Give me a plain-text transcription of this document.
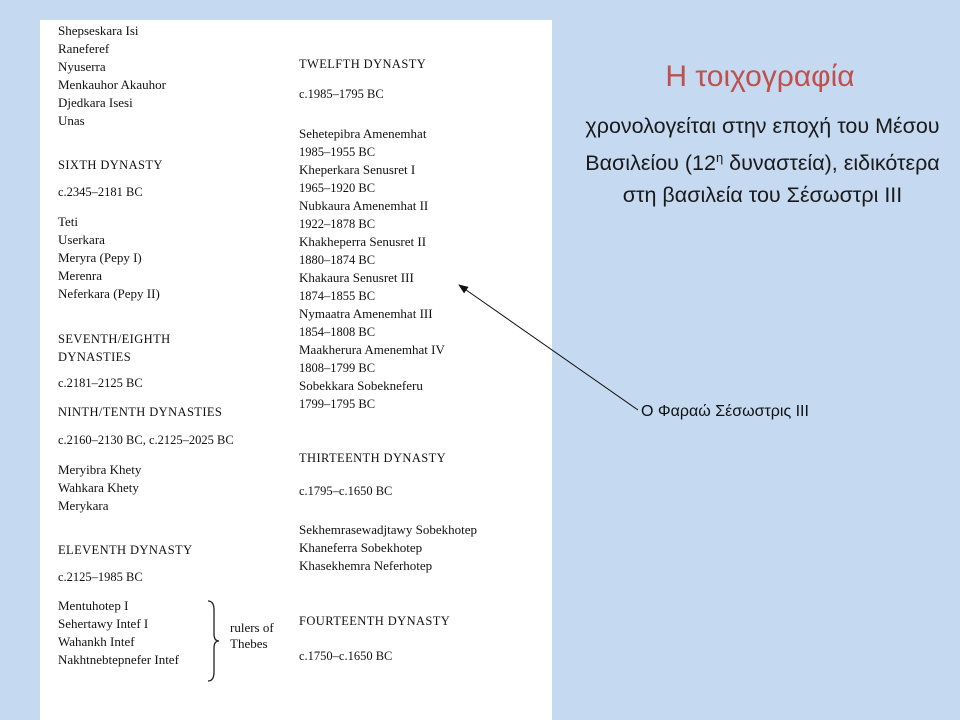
Shepseskara Isi
Raneferef
Nyuserra
Menkauhor Akauhor
Djedkara Isesi
Unas
SIXTH DYNASTY
c.2345–2181 BC
Teti
Userkara
Meryra (Pepy I)
Merenra
Neferkara (Pepy II)
SEVENTH/EIGHTH
DYNASTIES
c.2181–2125 BC
NINTH/TENTH DYNASTIES
c.2160–2130 BC, c.2125–2025 BC
Meryibra Khety
Wahkara Khety
Merykara
ELEVENTH DYNASTY
c.2125–1985 BC
Mentuhotep I
Sehertawy Intef I
Wahankh Intef
Nakhtnebtepnefer Intef
TWELFTH DYNASTY
c.1985–1795 BC
Sehetepibra Amenemhat
1985–1955 BC
Kheperkara Senusret I
1965–1920 BC
Nubkaura Amenemhat II
1922–1878 BC
Khakheperra Senusret II
1880–1874 BC
Khakaura Senusret III
1874–1855 BC
Nymaatra Amenemhat III
1854–1808 BC
Maakherura Amenemhat IV
1808–1799 BC
Sobekkara Sobekneferu
1799–1795 BC
THIRTEENTH DYNASTY
c.1795–c.1650 BC
Sekhemrasewadjtawy Sobekhotep
Khaneferra Sobekhotep
Khasekhemra Neferhotep
FOURTEENTH DYNASTY
c.1750–c.1650 BC
rulers of
Thebes
Η τοιχογραφία
χρονολογείται στην εποχή του Μέσου Βασιλείου ($12^\eta$ δυναστεία), ειδικότερα στη βασιλεία του Σέσωστρι ΙΙΙ
Ο Φαραώ Σέσωστρις ΙΙΙ
